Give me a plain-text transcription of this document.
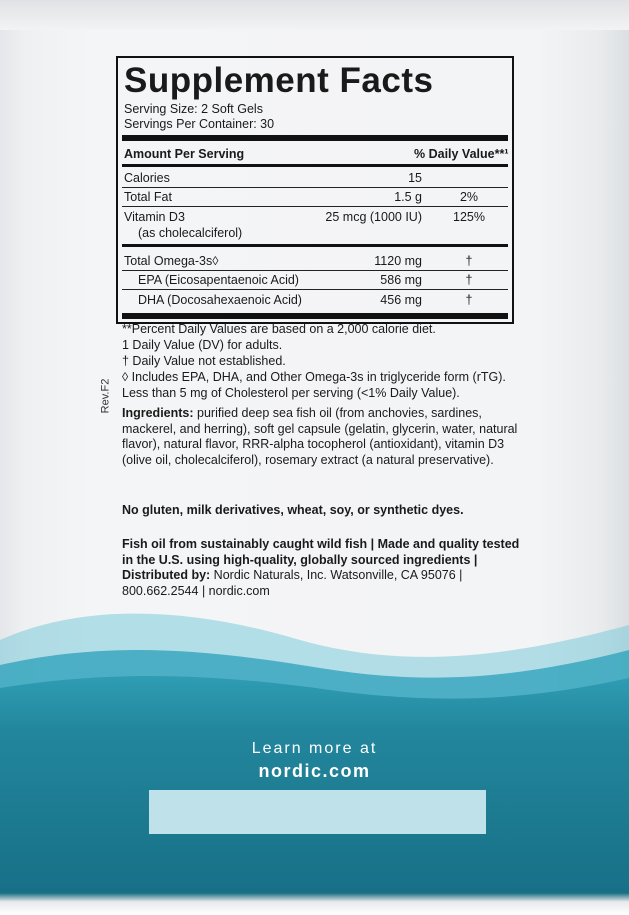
Supplement Facts
Serving Size: 2 Soft Gels
Servings Per Container: 30
Amount Per Serving	% Daily Value**¹
Calories	15
Total Fat	1.5 g	2%
Vitamin D3
(as cholecalciferol)
25 mcg (1000 IU)	125%
Total Omega-3s◊	1120 mg	†
EPA (Eicosapentaenoic Acid)	586 mg	†
DHA (Docosahexaenoic Acid)	456 mg	†
**Percent Daily Values are based on a 2,000 calorie diet.
1 Daily Value (DV) for adults.
† Daily Value not established.
◊ Includes EPA, DHA, and Other Omega-3s in triglyceride form (rTG).
Less than 5 mg of Cholesterol per serving (<1% Daily Value).
Rev.F2 Ingredients: purified deep sea fish oil (from anchovies, sardines, mackerel, and herring), soft gel capsule (gelatin, glycerin, water, natural flavor), natural flavor, RRR-alpha tocopherol (antioxidant), vitamin D3 (olive oil, cholecalciferol), rosemary extract (a natural preservative).
No gluten, milk derivatives, wheat, soy, or synthetic dyes.
Fish oil from sustainably caught wild fish | Made and quality tested in the U.S. using high-quality, globally sourced ingredients | Distributed by: Nordic Naturals, Inc. Watsonville, CA 95076 | 800.662.2544 | nordic.com
Learn more at
nordic.com
